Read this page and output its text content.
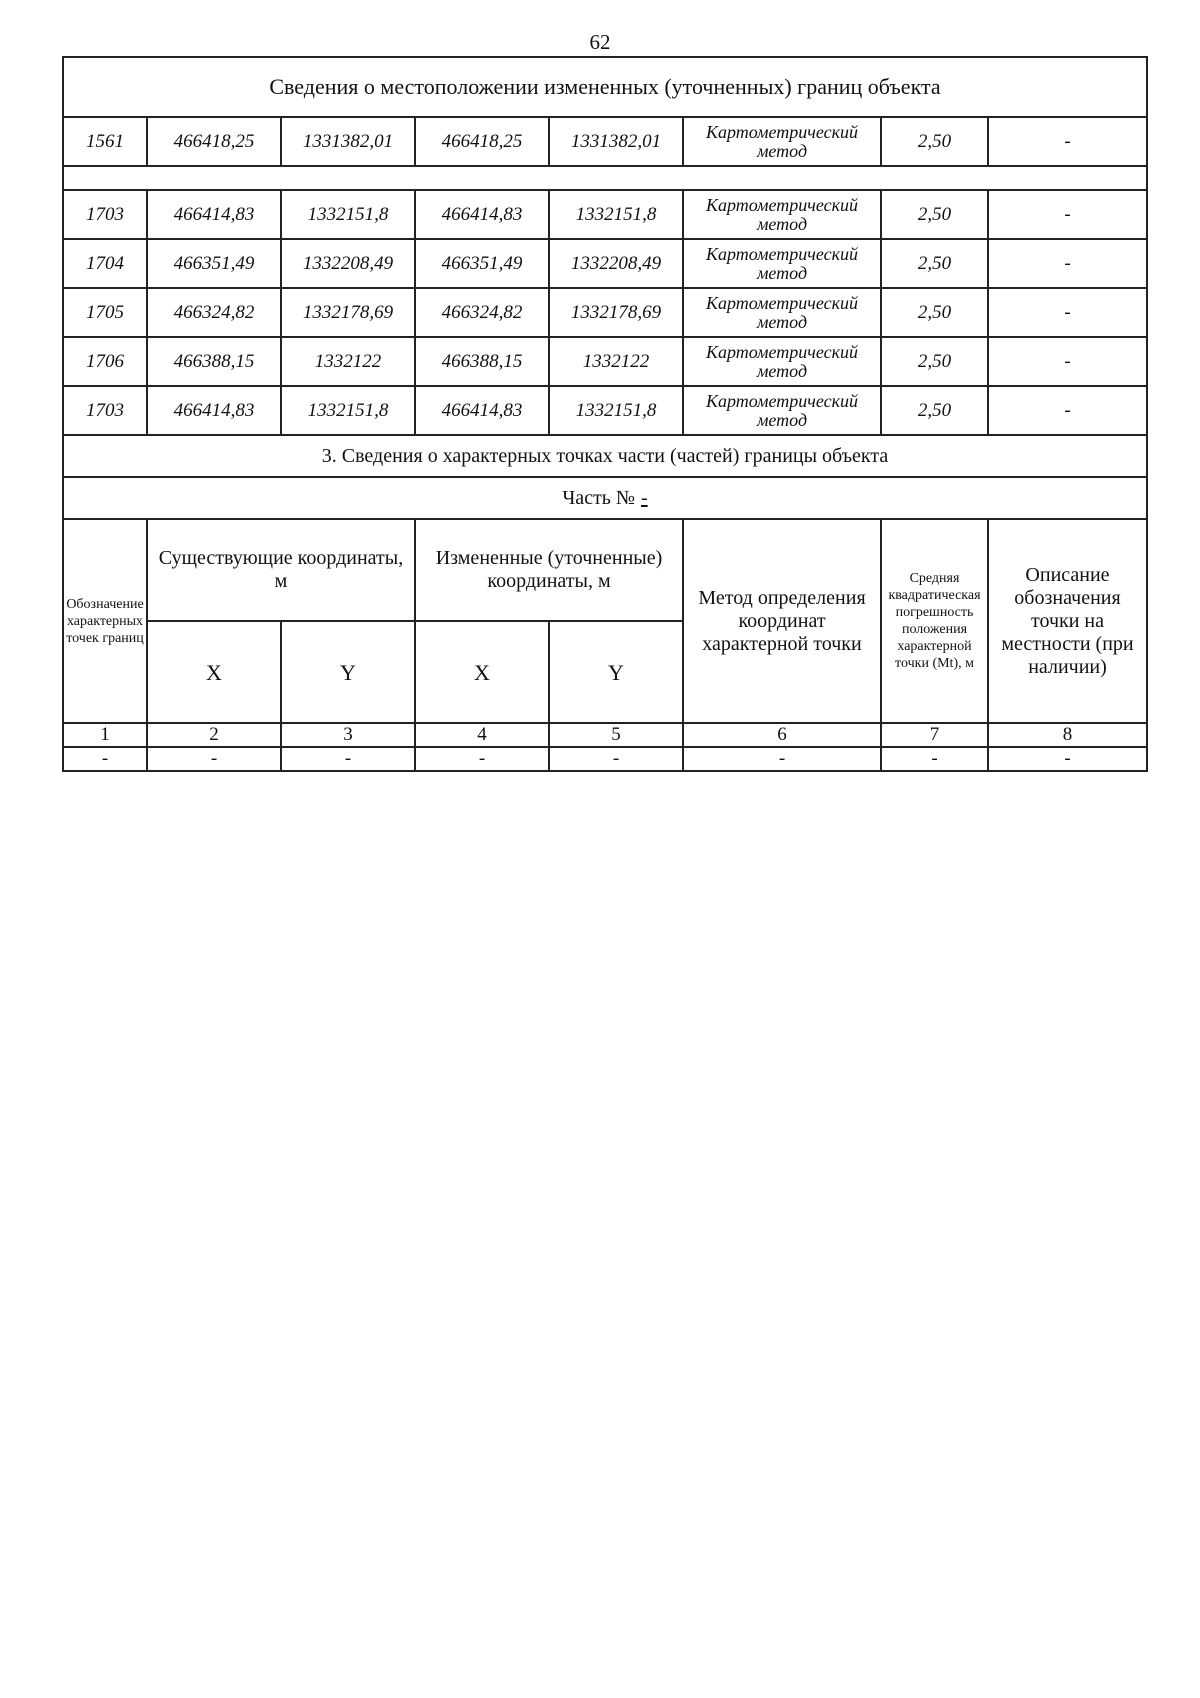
62
Сведения о местоположении измененных (уточненных) границ объекта							
1561	466418,25	1331382,01	466418,25	1331382,01	Картометрический метод	2,50	-

1703	466414,83	1332151,8	466414,83	1332151,8	Картометрический метод	2,50	-
1704	466351,49	1332208,49	466351,49	1332208,49	Картометрический метод	2,50	-
1705	466324,82	1332178,69	466324,82	1332178,69	Картометрический метод	2,50	-
1706	466388,15	1332122	466388,15	1332122	Картометрический метод	2,50	-
1703	466414,83	1332151,8	466414,83	1332151,8	Картометрический метод	2,50	-
3. Сведения о характерных точках части (частей) границы объекта							
Часть № -							
Обозначение характерных точек границ	Существующие координаты, м		Измененные (уточненные) координаты, м		Метод определения координат характерной точки	Средняя квадратическая погрешность положения характерной точки (Mt), м	Описание обозначения точки на местности (при наличии)
	X	Y	X	Y			
1	2	3	4	5	6	7	8
-	-	-	-	-	-	-	-
